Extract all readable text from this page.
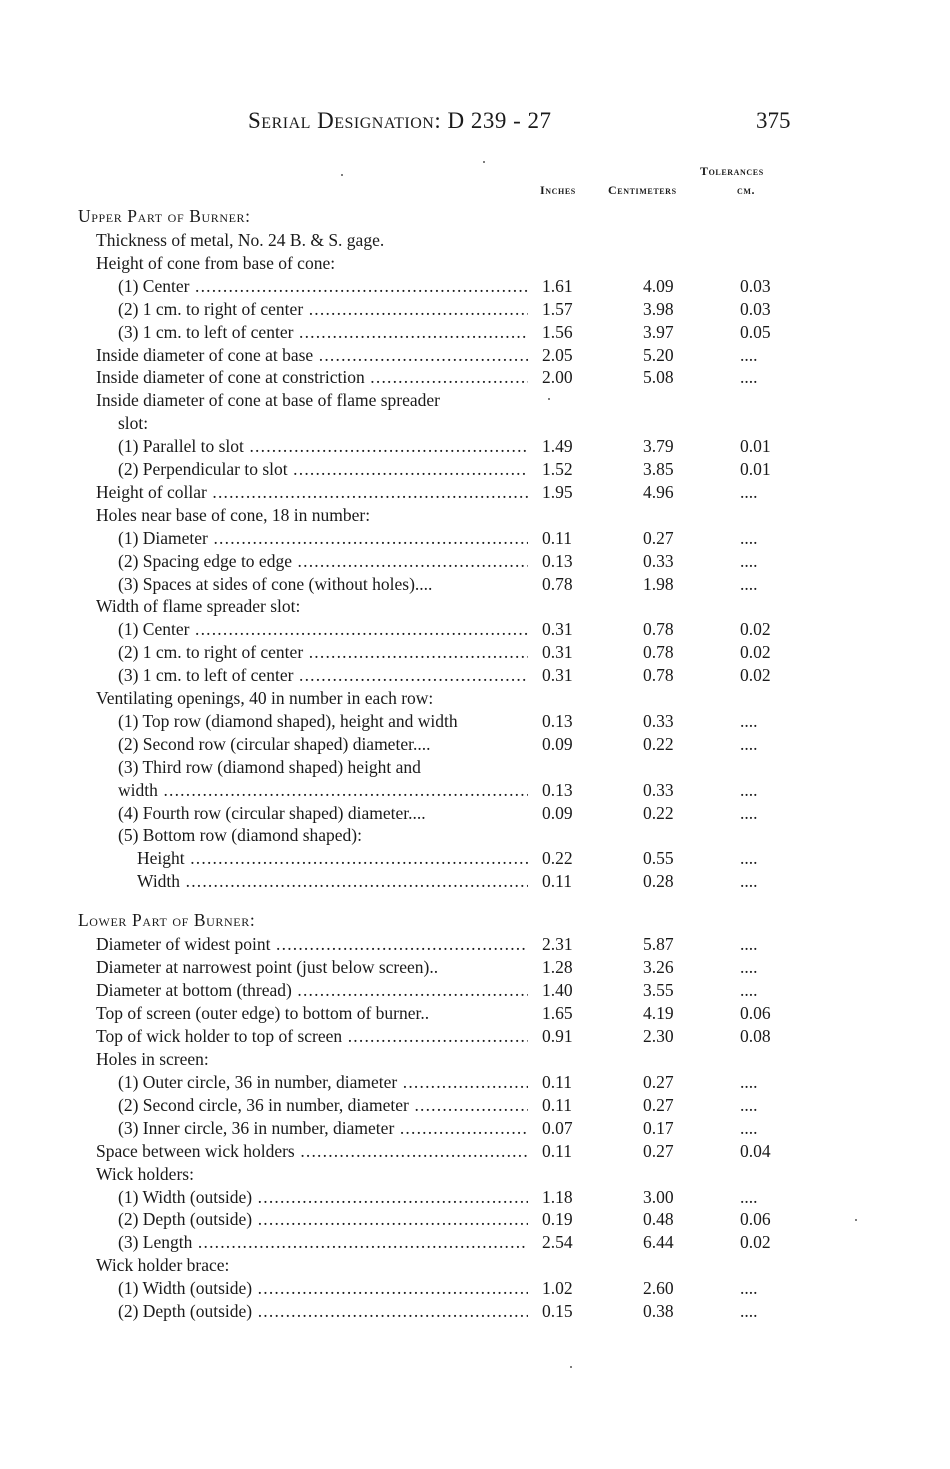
Serial Designation: D 239 - 27	375
Tolerances
Inches	Centimeters	cm.
Upper Part of Burner:
Thickness of metal, No. 24 B. & S. gage.
Height of cone from base of cone:
(1) Center .....	1.61	4.09	0.03
(2) 1 cm. to right of center .....	1.57	3.98	0.03
(3) 1 cm. to left of center .....	1.56	3.97	0.05
Inside diameter of cone at base .....	2.05	5.20	....
Inside diameter of cone at constriction .....	2.00	5.08	....
Inside diameter of cone at base of flame spreader
slot:
(1) Parallel to slot .....	1.49	3.79	0.01
(2) Perpendicular to slot .....	1.52	3.85	0.01
Height of collar .....	1.95	4.96	....
Holes near base of cone, 18 in number:
(1) Diameter .....	0.11	0.27	....
(2) Spacing edge to edge .....	0.13	0.33	....
(3) Spaces at sides of cone (without holes)....	0.78	1.98	....
Width of flame spreader slot:
(1) Center .....	0.31	0.78	0.02
(2) 1 cm. to right of center .....	0.31	0.78	0.02
(3) 1 cm. to left of center .....	0.31	0.78	0.02
Ventilating openings, 40 in number in each row:
(1) Top row (diamond shaped), height and width	0.13	0.33	....
(2) Second row (circular shaped) diameter....	0.09	0.22	....
(3) Third row (diamond shaped) height and
width .....	0.13	0.33	....
(4) Fourth row (circular shaped) diameter....	0.09	0.22	....
(5) Bottom row (diamond shaped):
Height .....	0.22	0.55	....
Width .....	0.11	0.28	....
Lower Part of Burner:
Diameter of widest point .....	2.31	5.87	....
Diameter at narrowest point (just below screen)..	1.28	3.26	....
Diameter at bottom (thread) .....	1.40	3.55	....
Top of screen (outer edge) to bottom of burner..	1.65	4.19	0.06
Top of wick holder to top of screen .....	0.91	2.30	0.08
Holes in screen:
(1) Outer circle, 36 in number, diameter .....	0.11	0.27	....
(2) Second circle, 36 in number, diameter .....	0.11	0.27	....
(3) Inner circle, 36 in number, diameter .....	0.07	0.17	....
Space between wick holders .....	0.11	0.27	0.04
Wick holders:
(1) Width (outside) .....	1.18	3.00	....
(2) Depth (outside) .....	0.19	0.48	0.06
(3) Length .....	2.54	6.44	0.02
Wick holder brace:
(1) Width (outside) .....	1.02	2.60	....
(2) Depth (outside) .....	0.15	0.38	....
